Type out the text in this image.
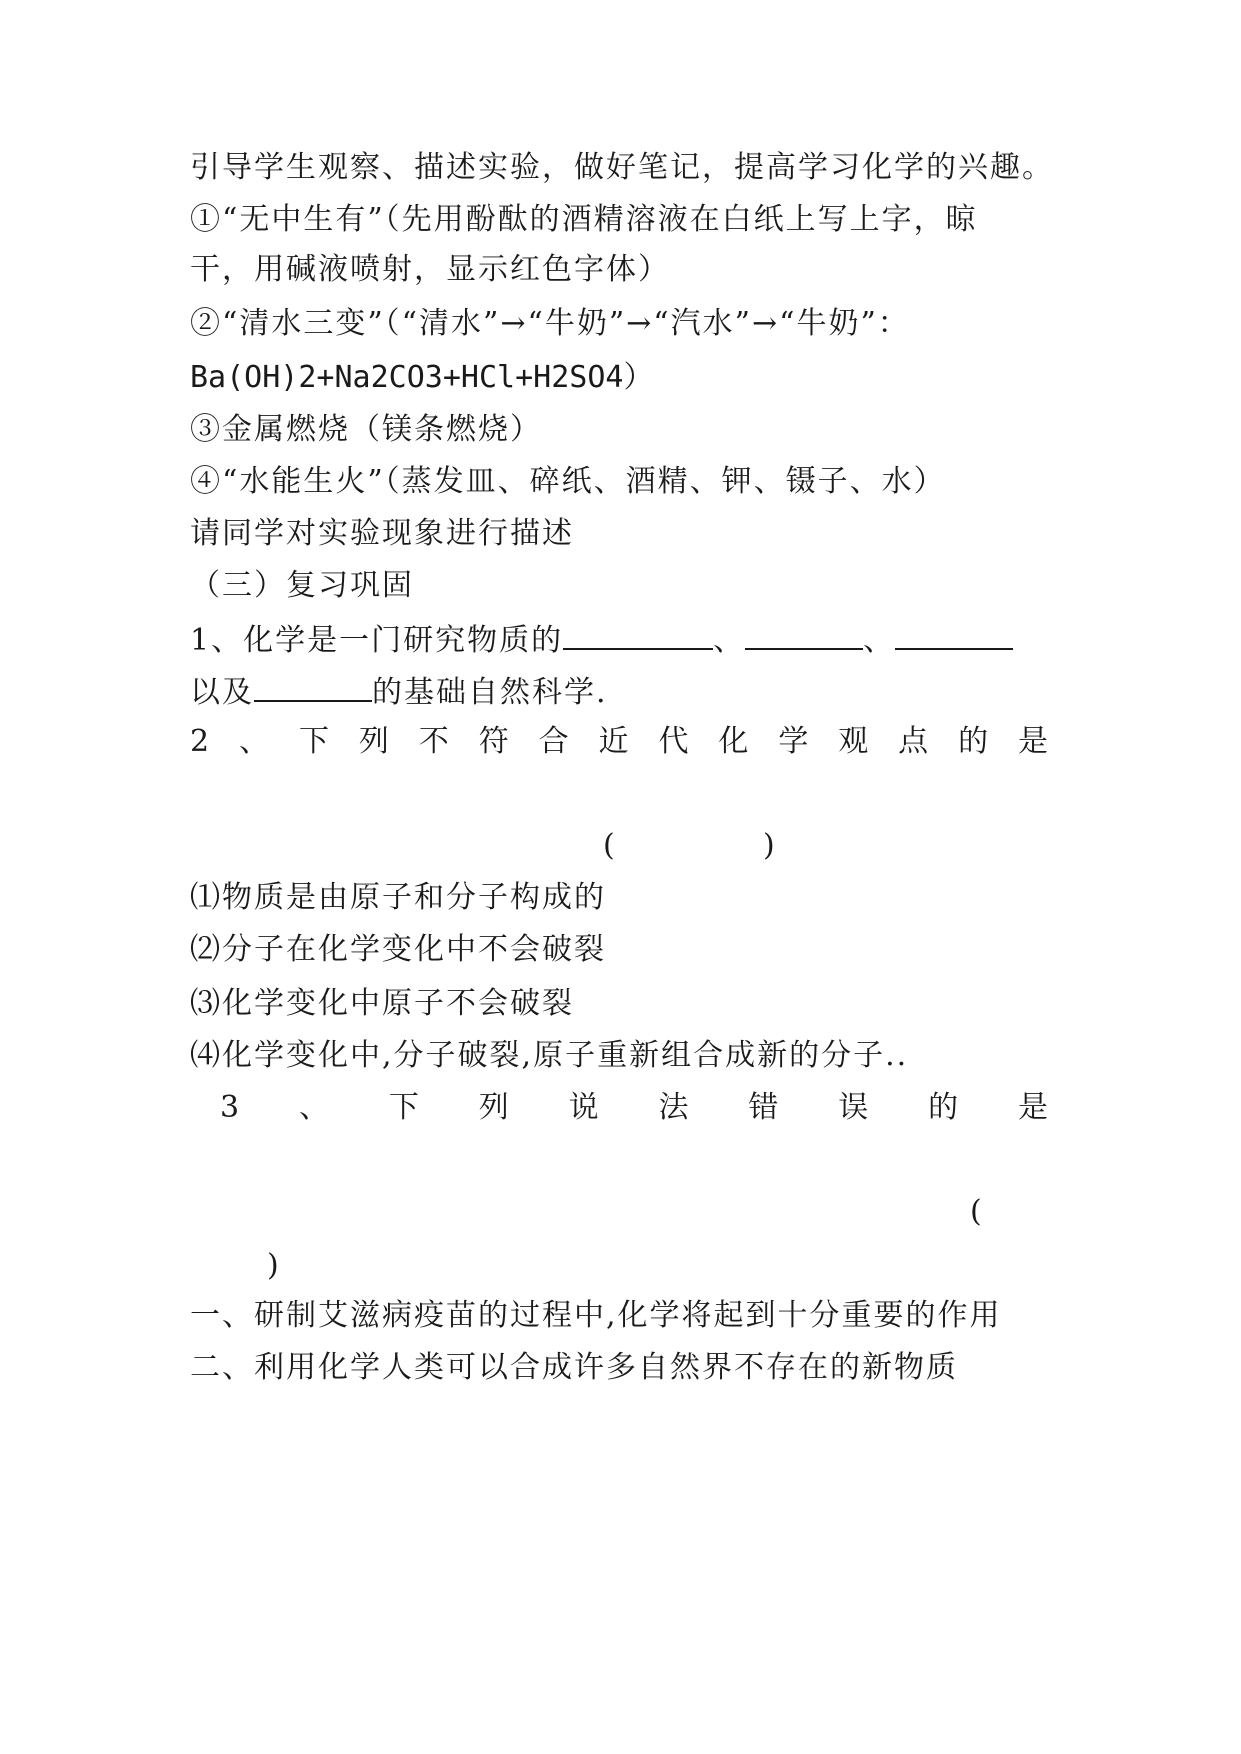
引导学生观察、描述实验，做好笔记，提高学习化学的兴趣。
①“无中生有”（先用酚酞的酒精溶液在白纸上写上字，晾
干，用碱液喷射，显示红色字体）
②“清水三变”（“清水”→“牛奶”→“汽水”→“牛奶”：
Ba(OH)2+Na2CO3+HCl+H2SO4）
③金属燃烧（镁条燃烧）
④“水能生火”（蒸发皿、碎纸、酒精、钾、镊子、水）
请同学对实验现象进行描述
（三）复习巩固
1、化学是一门研究物质的	、	、
以及	的基础自然科学.
2 、 下 列 不 符 合 近 代 化 学 观 点 的 是
(	)
⑴物质是由原子和分子构成的
⑵分子在化学变化中不会破裂
⑶化学变化中原子不会破裂
⑷化学变化中,分子破裂,原子重新组合成新的分子..
3 、 下 列 说 法 错 误 的 是
(
)
一、研制艾滋病疫苗的过程中,化学将起到十分重要的作用
二、利用化学人类可以合成许多自然界不存在的新物质
